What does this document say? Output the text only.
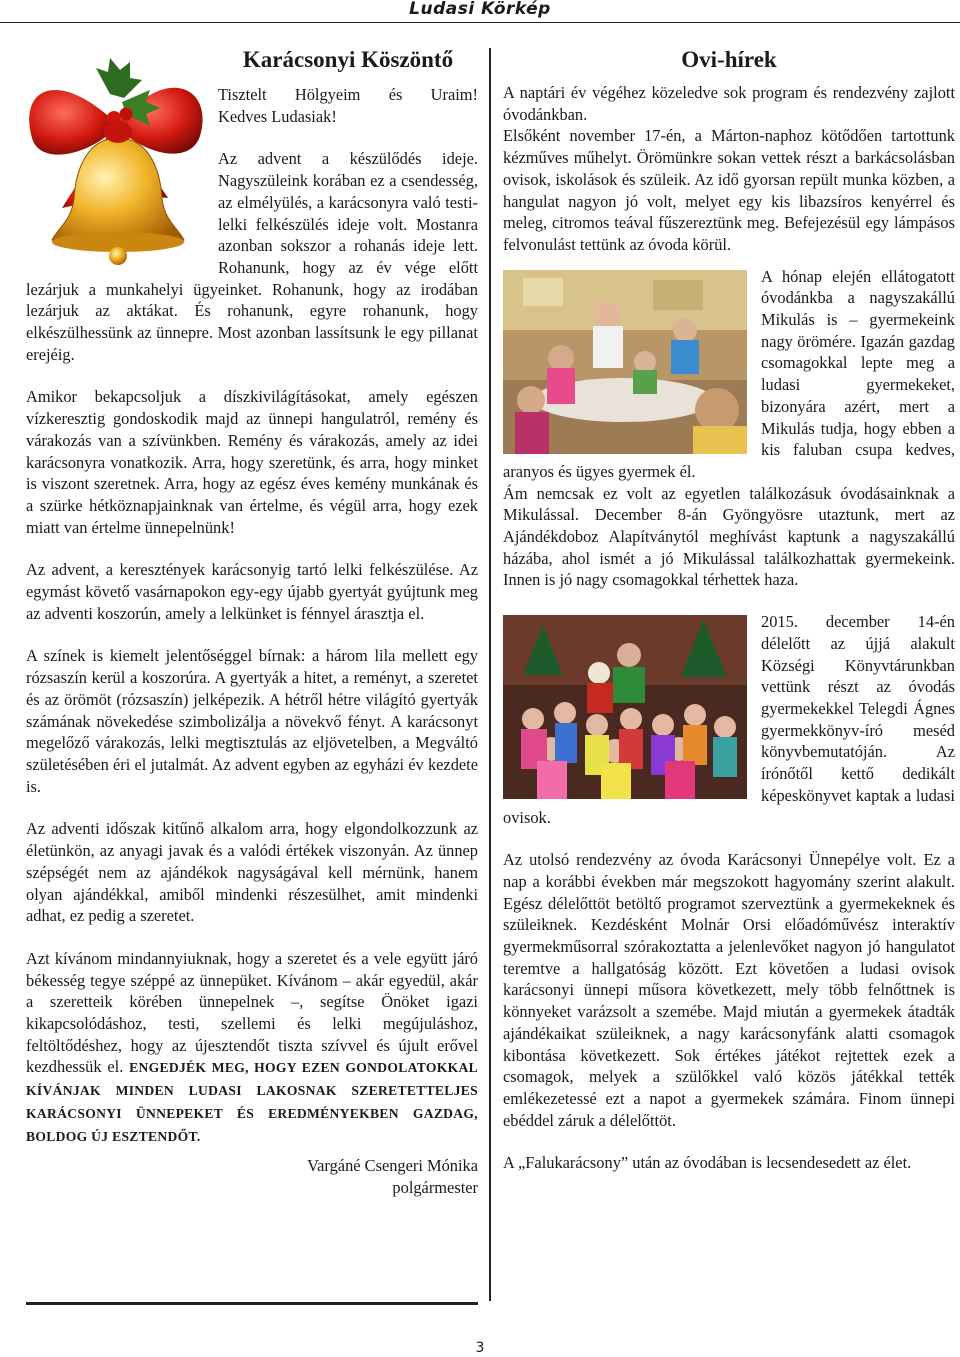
Ludasi Körkép
Karácsonyi Köszöntő
Tisztelt Hölgyeim és Uraim!
Kedves Ludasiak!

Az advent a készülődés ideje. Nagyszüleink korában ez a csendesség, az elmélyülés, a karácsonyra való testi-lelki felkészülés ideje volt. Mostanra azonban sokszor a rohanás ideje lett. Rohanunk, hogy az év vége előtt lezárjuk a munkahelyi ügyeinket. Rohanunk, hogy az irodában lezárjuk az aktákat. És rohanunk, egyre rohanunk, hogy elkészülhessünk az ünnepre. Most azonban lassítsunk le egy pillanat erejéig.

Amikor bekapcsoljuk a díszkivilágításokat, amely egészen vízkeresztig gondoskodik majd az ünnepi hangulatról, remény és várakozás van a szívünkben. Remény és várakozás, amely az idei karácsonyra vonatkozik. Arra, hogy szeretünk, és arra, hogy minket is viszont szeretnek. Arra, hogy az egész éves kemény munkának és a szürke hétköznapjainknak van értelme, és végül arra, hogy ezek miatt van értelme ünnepelnünk!

Az advent, a keresztények karácsonyig tartó lelki felkészülése. Az egymást követő vasárnapokon egy-egy újabb gyertyát gyújtunk meg az adventi koszorún, amely a lelkünket is fénnyel árasztja el.

A színek is kiemelt jelentőséggel bírnak: a három lila mellett egy rózsaszín kerül a koszorúra. A gyertyák a hitet, a reményt, a szeretet és az örömöt (rózsaszín) jelképezik. A hétről hétre világító gyertyák számának növekedése szimbolizálja a növekvő fényt. A karácsonyt megelőző várakozás, lelki megtisztulás az eljövetelben, a Megváltó születésében éri el jutalmát. Az advent egyben az egyházi év kezdete is.

Az adventi időszak kitűnő alkalom arra, hogy elgondolkozzunk az életünkön, az anyagi javak és a valódi értékek viszonyán. Az ünnep szépségét nem az ajándékok nagyságával kell mérnünk, hanem olyan ajándékkal, amiből mindenki részesülhet, amit mindenki adhat, ez pedig a szeretet.

Azt kívánom mindannyiuknak, hogy a szeretet és a vele együtt járó békesség tegye széppé az ünnepüket. Kívánom – akár egyedül, akár a szeretteik körében ünnepelnek –, segítse Önöket igazi kikapcsolódáshoz, testi, szellemi és lelki megújuláshoz, feltöltődéshez, hogy az újesztendőt tiszta szívvel és újult erővel kezdhessük el. ENGEDJÉK MEG, HOGY EZEN GONDOLATOKKAL KÍVÁNJAK MINDEN LUDASI LAKOSNAK SZERETETTELJES KARÁCSONYI ÜNNEPEKET ÉS EREDMÉNYEKBEN GAZDAG, BOLDOG ÚJ ESZTENDŐT.

Vargáné Csengeri Mónika
polgármester
Ovi-hírek

A naptári év végéhez közeledve sok program és rendezvény zajlott óvodánkban.

Elsőként november 17-én, a Márton-naphoz kötődően tartottunk kézműves műhelyt. Örömünkre sokan vettek részt a barkácsolásban ovisok, iskolások és szüleik. Az idő gyorsan repült munka közben, a hangulat nagyon jó volt, melyet egy kis libazsíros kenyérrel és meleg, citromos teával fűszereztünk meg. Befejezésül egy lámpásos felvonulást tettünk az óvoda körül.

A hónap elején ellátogatott óvodánkba a nagyszakállú Mikulás is – gyermekeink nagy örömére. Igazán gazdag csomagokkal lepte meg a ludasi gyermekeket, bizonyára azért, mert a Mikulás tudja, hogy ebben a kis faluban csupa kedves, aranyos és ügyes gyermek él.

Ám nemcsak ez volt az egyetlen találkozásuk óvodásainknak a Mikulással. December 8-án Gyöngyösre utaztunk, mert az Ajándékdoboz Alapítványtól meghívást kaptunk a nagyszakállú házába, ahol ismét a jó Mikulással találkozhattak gyermekeink. Innen is jó nagy csomagokkal térhettek haza.

2015. december 14-én délelőtt az újjá alakult Községi Könyvtárunkban vettünk részt az óvodás gyermekekkel Telegdi Ágnes gyermekkönyv-író meséd könyvbemutatóján. Az írónőtől kettő dedikált képeskönyvet kaptak a ludasi ovisok.

Az utolsó rendezvény az óvoda Karácsonyi Ünnepélye volt. Ez a nap a korábbi években már megszokott hagyomány szerint alakult. Egész délelőttöt betöltő programot szerveztünk a gyermekeknek és szüleiknek. Kezdésként Molnár Orsi előadóművész interaktív gyermekműsorral szórakoztatta a jelenlevőket nagyon jó hangulatot teremtve a hallgatóság között. Ezt követően a ludasi ovisok karácsonyi ünnepi műsora következett, mely több felnőttnek is könnyeket varázsolt a szemébe. Majd miután a gyermekek átadták ajándékaikat szüleiknek, a nagy karácsonyfánk alatti csomagok kibontása következett. Sok értékes játékot rejtettek ezek a csomagok, melyek a szülőkkel való közös játékkal tették emlékezetessé ezt a napot a gyermekek számára. Finom ünnepi ebéddel záruk a délelőttöt.

A „Falukarácsony” után az óvodában is lecsendesedett az élet.

3
